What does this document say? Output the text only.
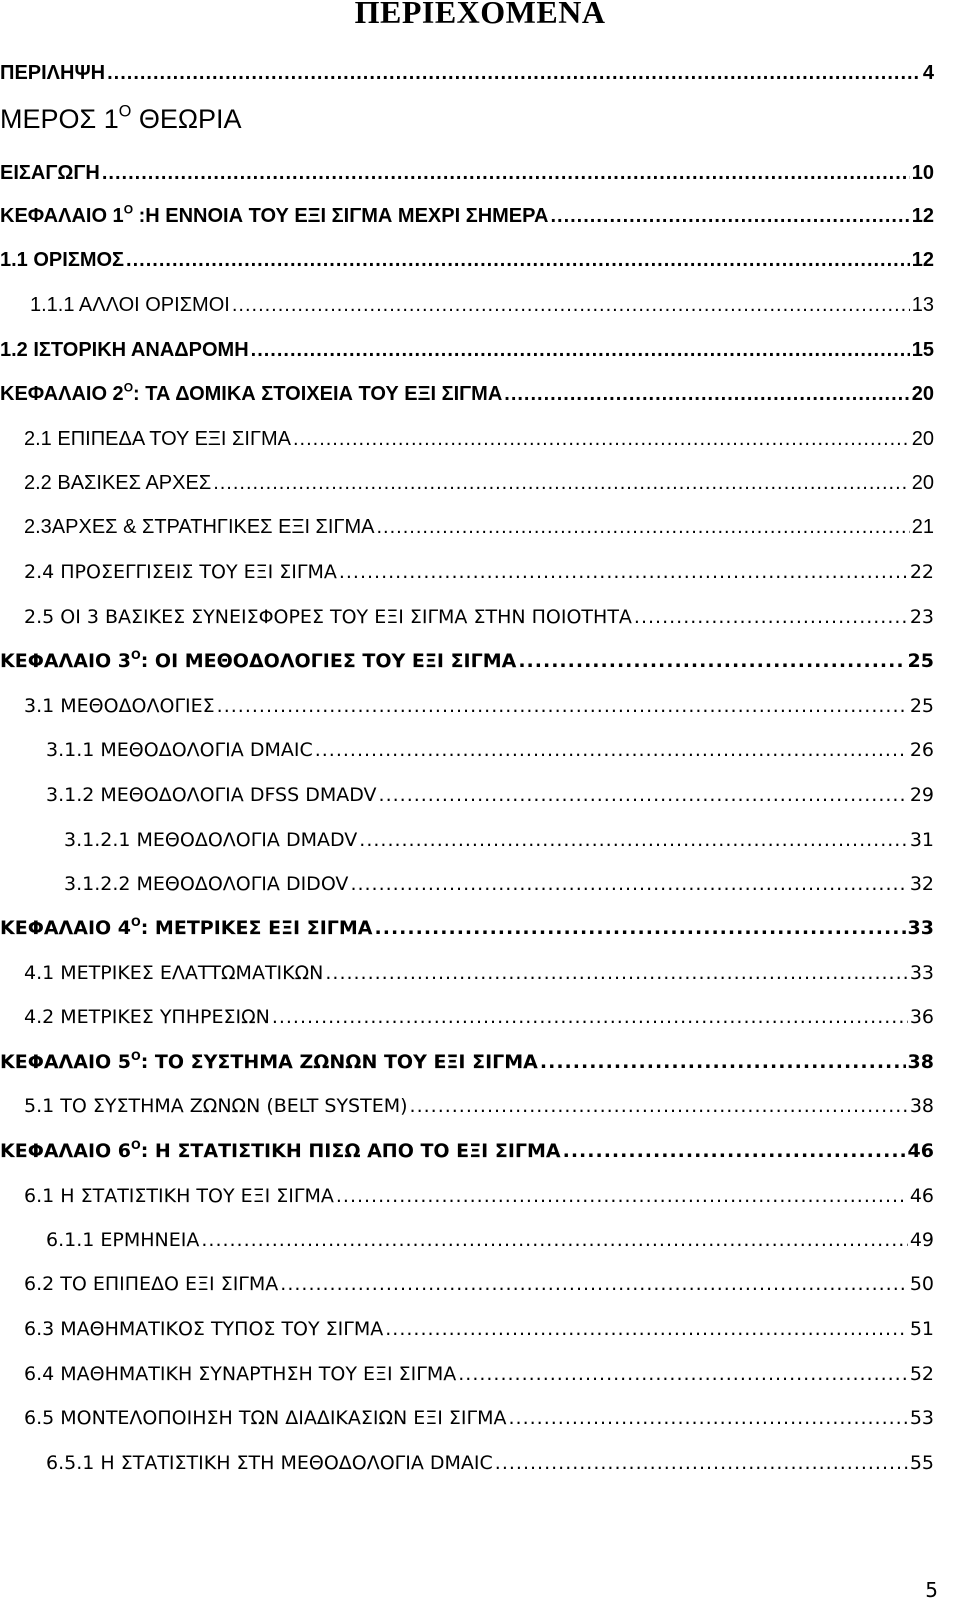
ΠΕΡΙΕΧΟΜΕΝΑ
ΜΕΡΟΣ $1^O$ ΘΕΩΡΙΑ
ΠΕΡΙΛΗΨΗ .....	4
ΕΙΣΑΓΩΓΗ .....	10
ΚΕΦΑΛΑΙΟ $1^O$ :Η ΕΝΝΟΙΑ ΤΟΥ ΕΞΙ ΣΙΓΜΑ ΜΕΧΡΙ ΣΗΜΕΡΑ .....	12
1.1 ΟΡΙΣΜΟΣ .....	12
1.1.1 ΑΛΛΟΙ ΟΡΙΣΜΟΙ .....	13
1.2 ΙΣΤΟΡΙΚΗ ΑΝΑΔΡΟΜΗ .....	15
ΚΕΦΑΛΑΙΟ $2^O$: ΤΑ ΔΟΜΙΚΑ ΣΤΟΙΧΕΙΑ ΤΟΥ ΕΞΙ ΣΙΓΜΑ .....	20
2.1 ΕΠΙΠΕΔΑ ΤΟΥ ΕΞΙ ΣΙΓΜΑ .....	20
2.2 ΒΑΣΙΚΕΣ ΑΡΧΕΣ .....	20
2.3ΑΡΧΕΣ & ΣΤΡΑΤΗΓΙΚΕΣ ΕΞΙ ΣΙΓΜΑ .....	21
2.4 ΠΡΟΣΕΓΓΙΣΕΙΣ ΤΟΥ ΕΞΙ ΣΙΓΜΑ .....	22
2.5 ΟΙ 3 ΒΑΣΙΚΕΣ ΣΥΝΕΙΣΦΟΡΕΣ ΤΟΥ ΕΞΙ ΣΙΓΜΑ ΣΤΗΝ ΠΟΙΟΤΗΤΑ .....	23
ΚΕΦΑΛΑΙΟ $3^O$: ΟΙ ΜΕΘΟΔΟΛΟΓΙΕΣ ΤΟΥ ΕΞΙ ΣΙΓΜΑ .....	25
3.1 ΜΕΘΟΔΟΛΟΓΙΕΣ .....	25
3.1.1 ΜΕΘΟΔΟΛΟΓΙΑ DMAIC .....	26
3.1.2 ΜΕΘΟΔΟΛΟΓΙΑ DFSS DMADV .....	29
3.1.2.1 ΜΕΘΟΔΟΛΟΓΙΑ DMADV .....	31
3.1.2.2 ΜΕΘΟΔΟΛΟΓΙΑ DIDOV .....	32
ΚΕΦΑΛΑΙΟ $4^O$: ΜΕΤΡΙΚΕΣ ΕΞΙ ΣΙΓΜΑ .....	33
4.1 ΜΕΤΡΙΚΕΣ ΕΛΑΤΤΩΜΑΤΙΚΩΝ .....	33
4.2 ΜΕΤΡΙΚΕΣ ΥΠΗΡΕΣΙΩΝ .....	36
ΚΕΦΑΛΑΙΟ $5^O$: ΤΟ ΣΥΣΤΗΜΑ ΖΩΝΩΝ ΤΟΥ ΕΞΙ ΣΙΓΜΑ .....	38
5.1 ΤΟ ΣΥΣΤΗΜΑ ΖΩΝΩΝ (BELT SYSTEM) .....	38
ΚΕΦΑΛΑΙΟ $6^O$: Η ΣΤΑΤΙΣΤΙΚΗ ΠΙΣΩ ΑΠΟ ΤΟ ΕΞΙ ΣΙΓΜΑ .....	46
6.1 Η ΣΤΑΤΙΣΤΙΚΗ ΤΟΥ ΕΞΙ ΣΙΓΜΑ .....	46
6.1.1 ΕΡΜΗΝΕΙΑ .....	49
6.2 ΤΟ ΕΠΙΠΕΔΟ ΕΞΙ ΣΙΓΜΑ .....	50
6.3 ΜΑΘΗΜΑΤΙΚΟΣ ΤΥΠΟΣ ΤΟΥ ΣΙΓΜΑ .....	51
6.4 ΜΑΘΗΜΑΤΙΚΗ ΣΥΝΑΡΤΗΣΗ ΤΟΥ ΕΞΙ ΣΙΓΜΑ .....	52
6.5 ΜΟΝΤΕΛΟΠΟΙΗΣΗ ΤΩΝ ΔΙΑΔΙΚΑΣΙΩΝ ΕΞΙ ΣΙΓΜΑ .....	53
6.5.1 Η ΣΤΑΤΙΣΤΙΚΗ ΣΤΗ ΜΕΘΟΔΟΛΟΓΙΑ DMAIC .....	55
5
